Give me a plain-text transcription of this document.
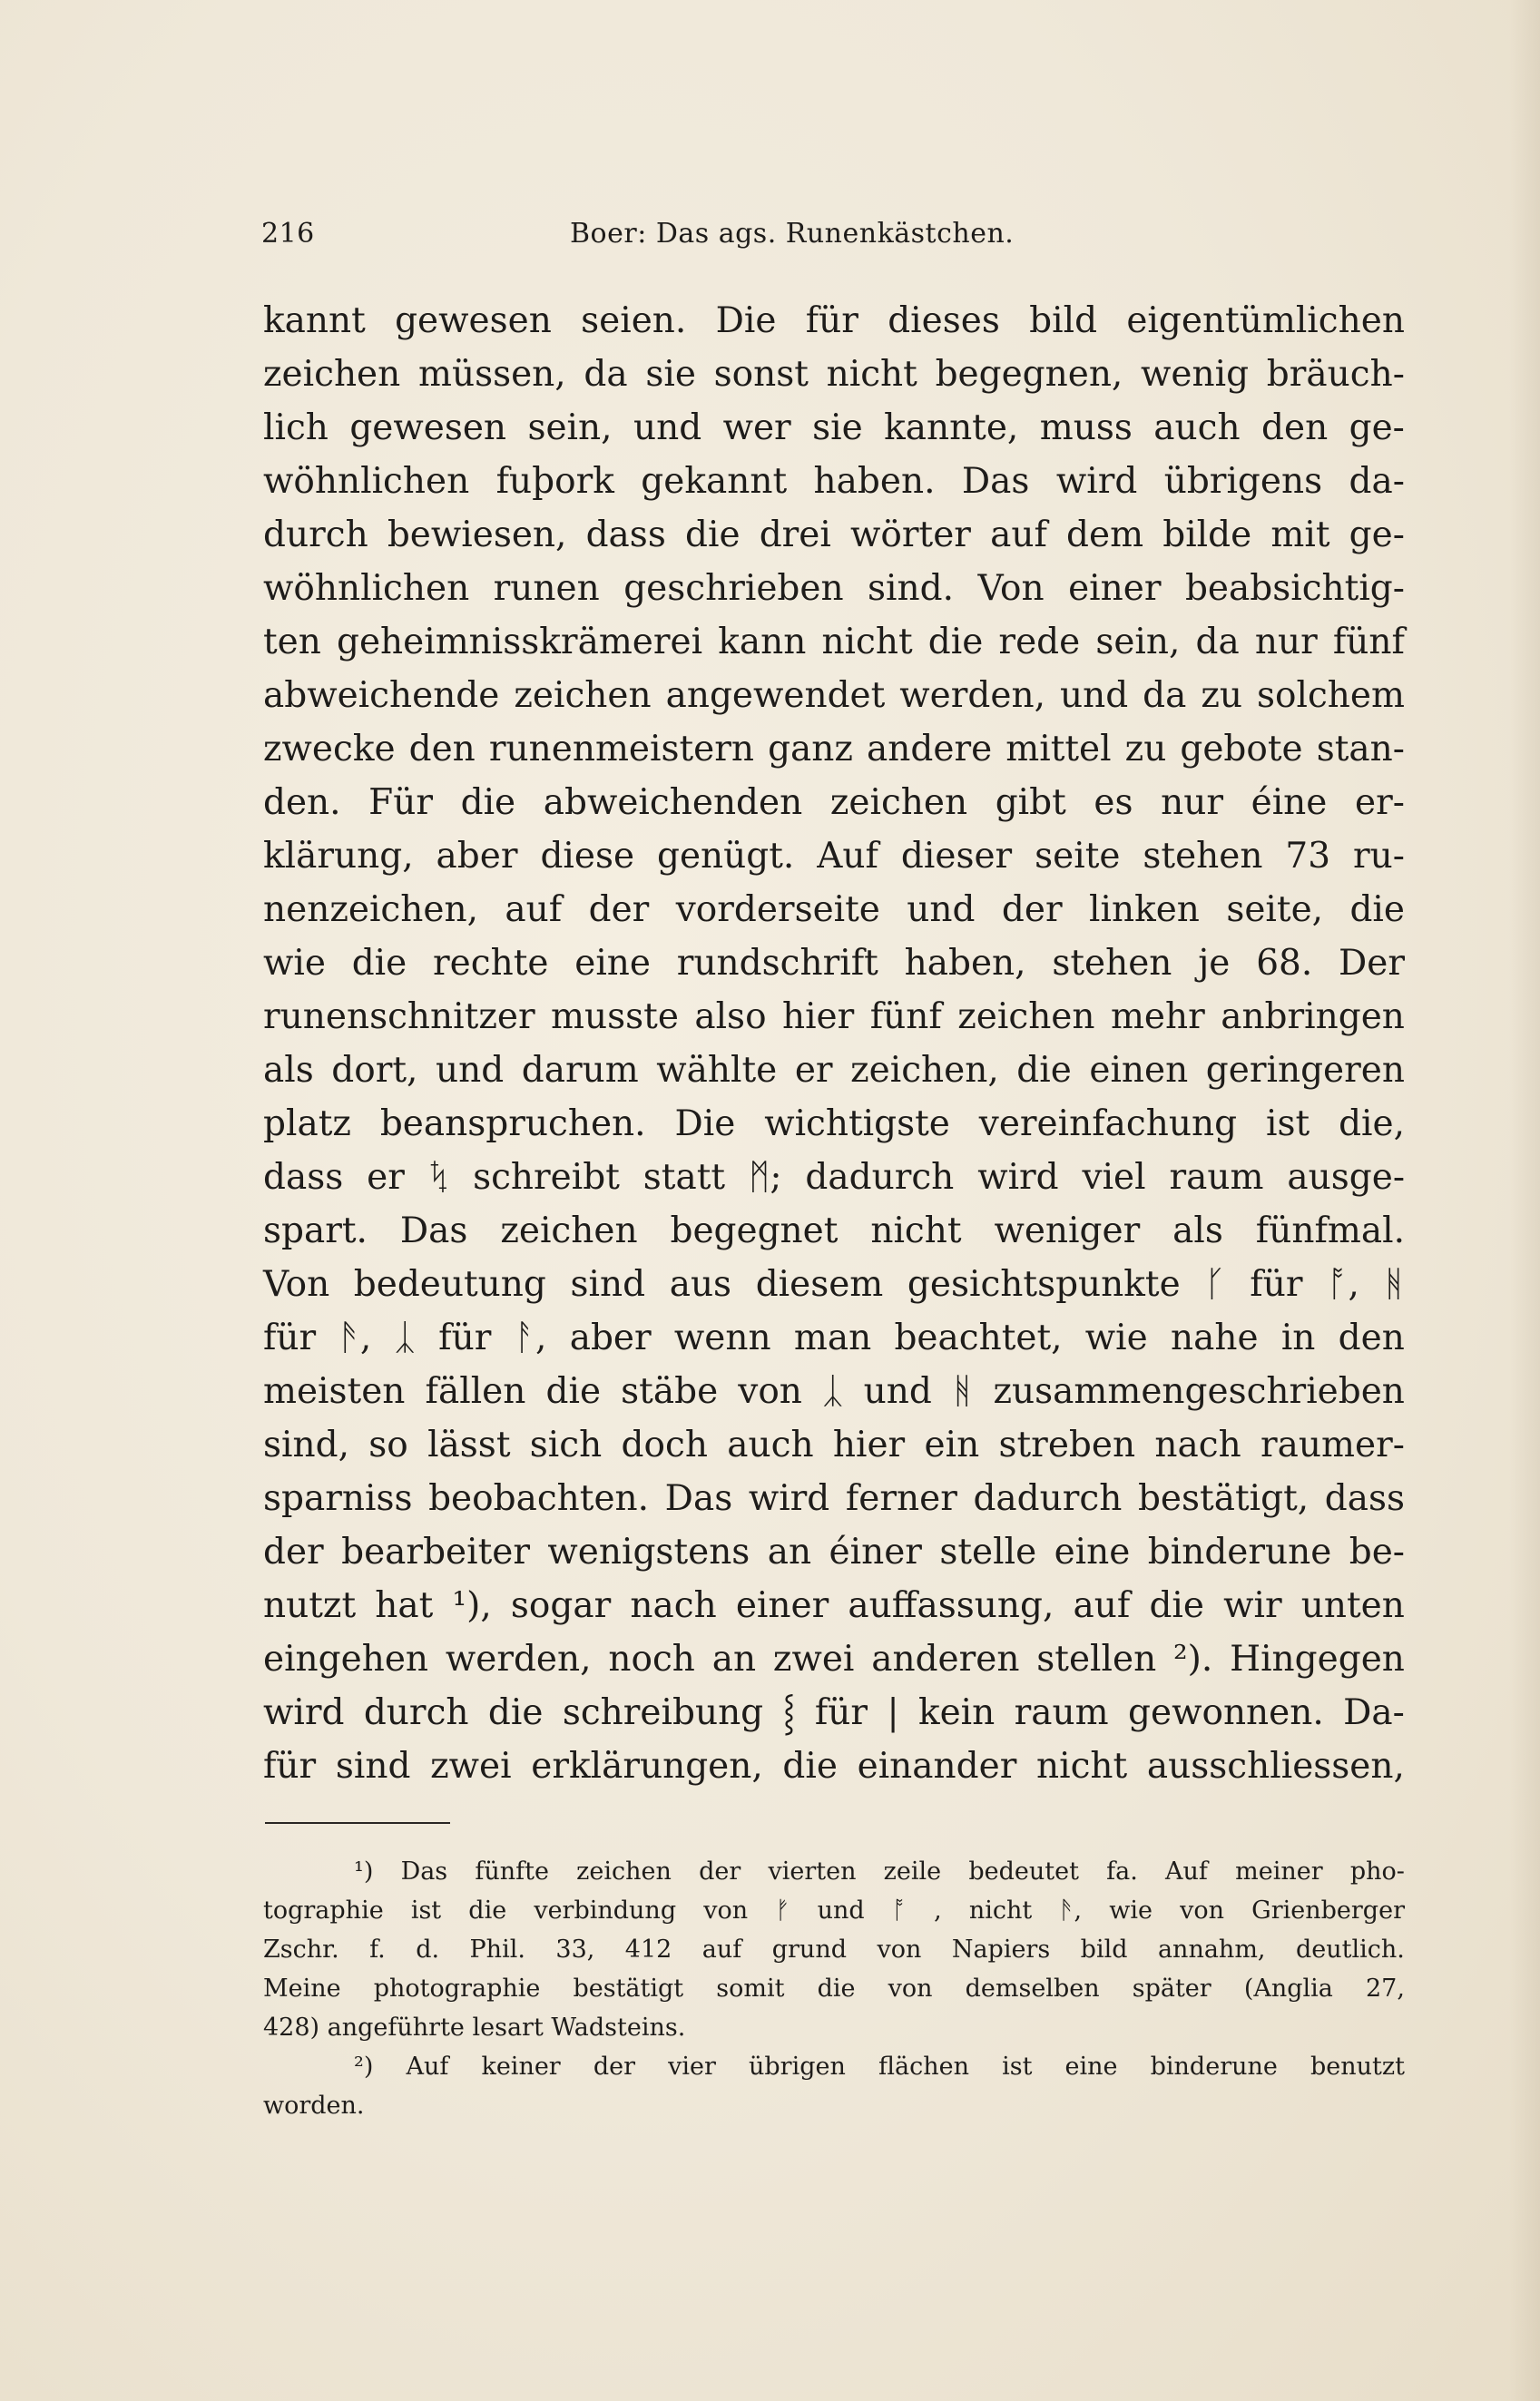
216	Boer: Das ags. Runenkästchen.
kannt gewesen seien. Die für dieses bild eigentümlichen
zeichen müssen, da sie sonst nicht begegnen, wenig bräuch-
lich gewesen sein, und wer sie kannte, muss auch den ge-
wöhnlichen fuþork gekannt haben. Das wird übrigens da-
durch bewiesen, dass die drei wörter auf dem bilde mit ge-
wöhnlichen runen geschrieben sind. Von einer beabsichtig-
ten geheimnisskrämerei kann nicht die rede sein, da nur fünf
abweichende zeichen angewendet werden, und da zu solchem
zwecke den runenmeistern ganz andere mittel zu gebote stan-
den. Für die abweichenden zeichen gibt es nur éine er-
klärung, aber diese genügt. Auf dieser seite stehen 73 ru-
nenzeichen, auf der vorderseite und der linken seite, die
wie die rechte eine rundschrift haben, stehen je 68. Der
runenschnitzer musste also hier fünf zeichen mehr anbringen
als dort, und darum wählte er zeichen, die einen geringeren
platz beanspruchen. Die wichtigste vereinfachung ist die,
dass er ᛪ schreibt statt ᛗ; dadurch wird viel raum ausge-
spart. Das zeichen begegnet nicht weniger als fünfmal.
Von bedeutung sind aus diesem gesichtspunkte ᚴ für ᚩ, ᚻ
für ᚫ, ᛣ für ᚨ, aber wenn man beachtet, wie nahe in den
meisten fällen die stäbe von ᛣ und ᚻ zusammengeschrieben
sind, so lässt sich doch auch hier ein streben nach raumer-
sparniss beobachten. Das wird ferner dadurch bestätigt, dass
der bearbeiter wenigstens an éiner stelle eine binderune be-
nutzt hat ¹), sogar nach einer auffassung, auf die wir unten
eingehen werden, noch an zwei anderen stellen ²). Hingegen
wird durch die schreibung ⸾ für | kein raum gewonnen. Da-
für sind zwei erklärungen, die einander nicht ausschliessen,
¹) Das fünfte zeichen der vierten zeile bedeutet fa. Auf meiner pho-
tographie ist die verbindung von ᚠ und ᚩ , nicht ᚫ, wie von Grienberger
Zschr. f. d. Phil. 33, 412 auf grund von Napiers bild annahm, deutlich.
Meine photographie bestätigt somit die von demselben später (Anglia 27,
428) angeführte lesart Wadsteins.
²) Auf keiner der vier übrigen flächen ist eine binderune benutzt
worden.
